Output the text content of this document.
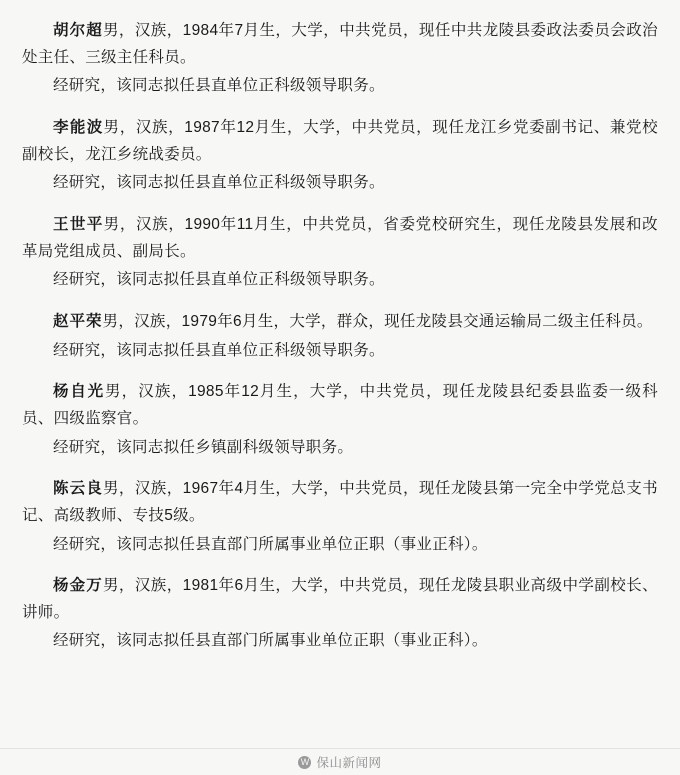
胡尔超男，汉族，1984年7月生，大学，中共党员，现任中共龙陵县委政法委员会政治处主任、三级主任科员。
经研究，该同志拟任县直单位正科级领导职务。
李能波男，汉族，1987年12月生，大学，中共党员，现任龙江乡党委副书记、兼党校副校长，龙江乡统战委员。
经研究，该同志拟任县直单位正科级领导职务。
王世平男，汉族，1990年11月生，中共党员，省委党校研究生，现任龙陵县发展和改革局党组成员、副局长。
经研究，该同志拟任县直单位正科级领导职务。
赵平荣男，汉族，1979年6月生，大学，群众，现任龙陵县交通运输局二级主任科员。
经研究，该同志拟任县直单位正科级领导职务。
杨自光男，汉族，1985年12月生，大学，中共党员，现任龙陵县纪委县监委一级科员、四级监察官。
经研究，该同志拟任乡镇副科级领导职务。
陈云良男，汉族，1967年4月生，大学，中共党员，现任龙陵县第一完全中学党总支书记、高级教师、专技5级。
经研究，该同志拟任县直部门所属事业单位正职（事业正科）。
杨金万男，汉族，1981年6月生，大学，中共党员，现任龙陵县职业高级中学副校长、讲师。
经研究，该同志拟任县直部门所属事业单位正职（事业正科）。
W 保山新闻网
